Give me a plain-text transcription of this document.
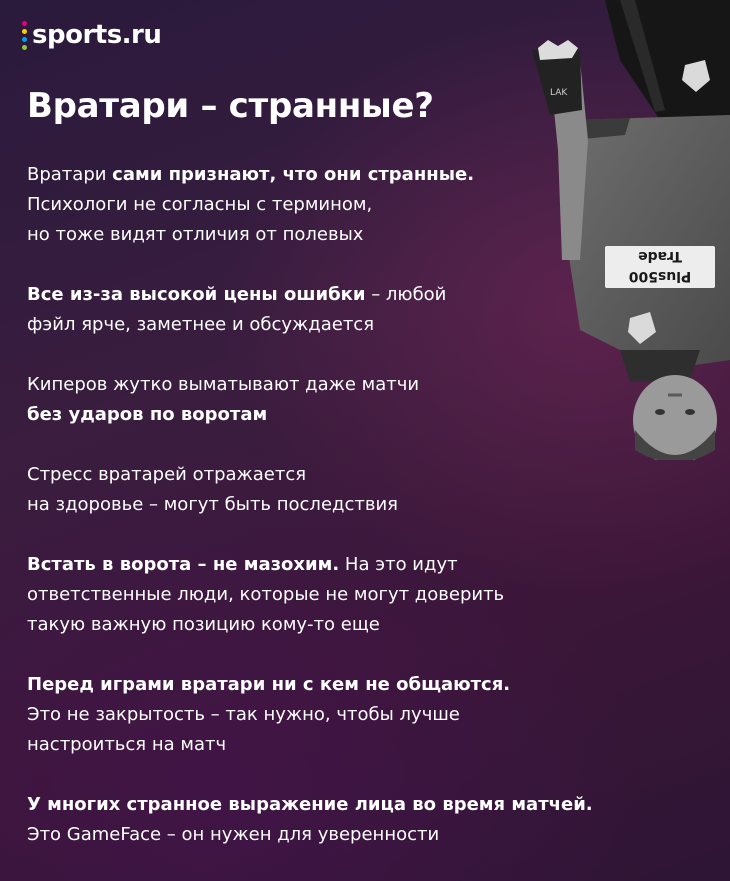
sports.ru
Вратари – странные?

Вратари сами признают, что они странные.
Психологи не согласны с термином,
но тоже видят отличия от полевых

Все из-за высокой цены ошибки – любой
фэйл ярче, заметнее и обсуждается

Киперов жутко выматывают даже матчи
без ударов по воротам

Стресс вратарей отражается
на здоровье – могут быть последствия

Встать в ворота – не мазохим. На это идут
ответственные люди, которые не могут доверить
такую важную позицию кому-то еще

Перед играми вратари ни с кем не общаются.
Это не закрытость – так нужно, чтобы лучше
настроиться на матч

У многих странное выражение лица во время матчей.
Это GameFace – он нужен для уверенности

LAK
Plus500
Trade
